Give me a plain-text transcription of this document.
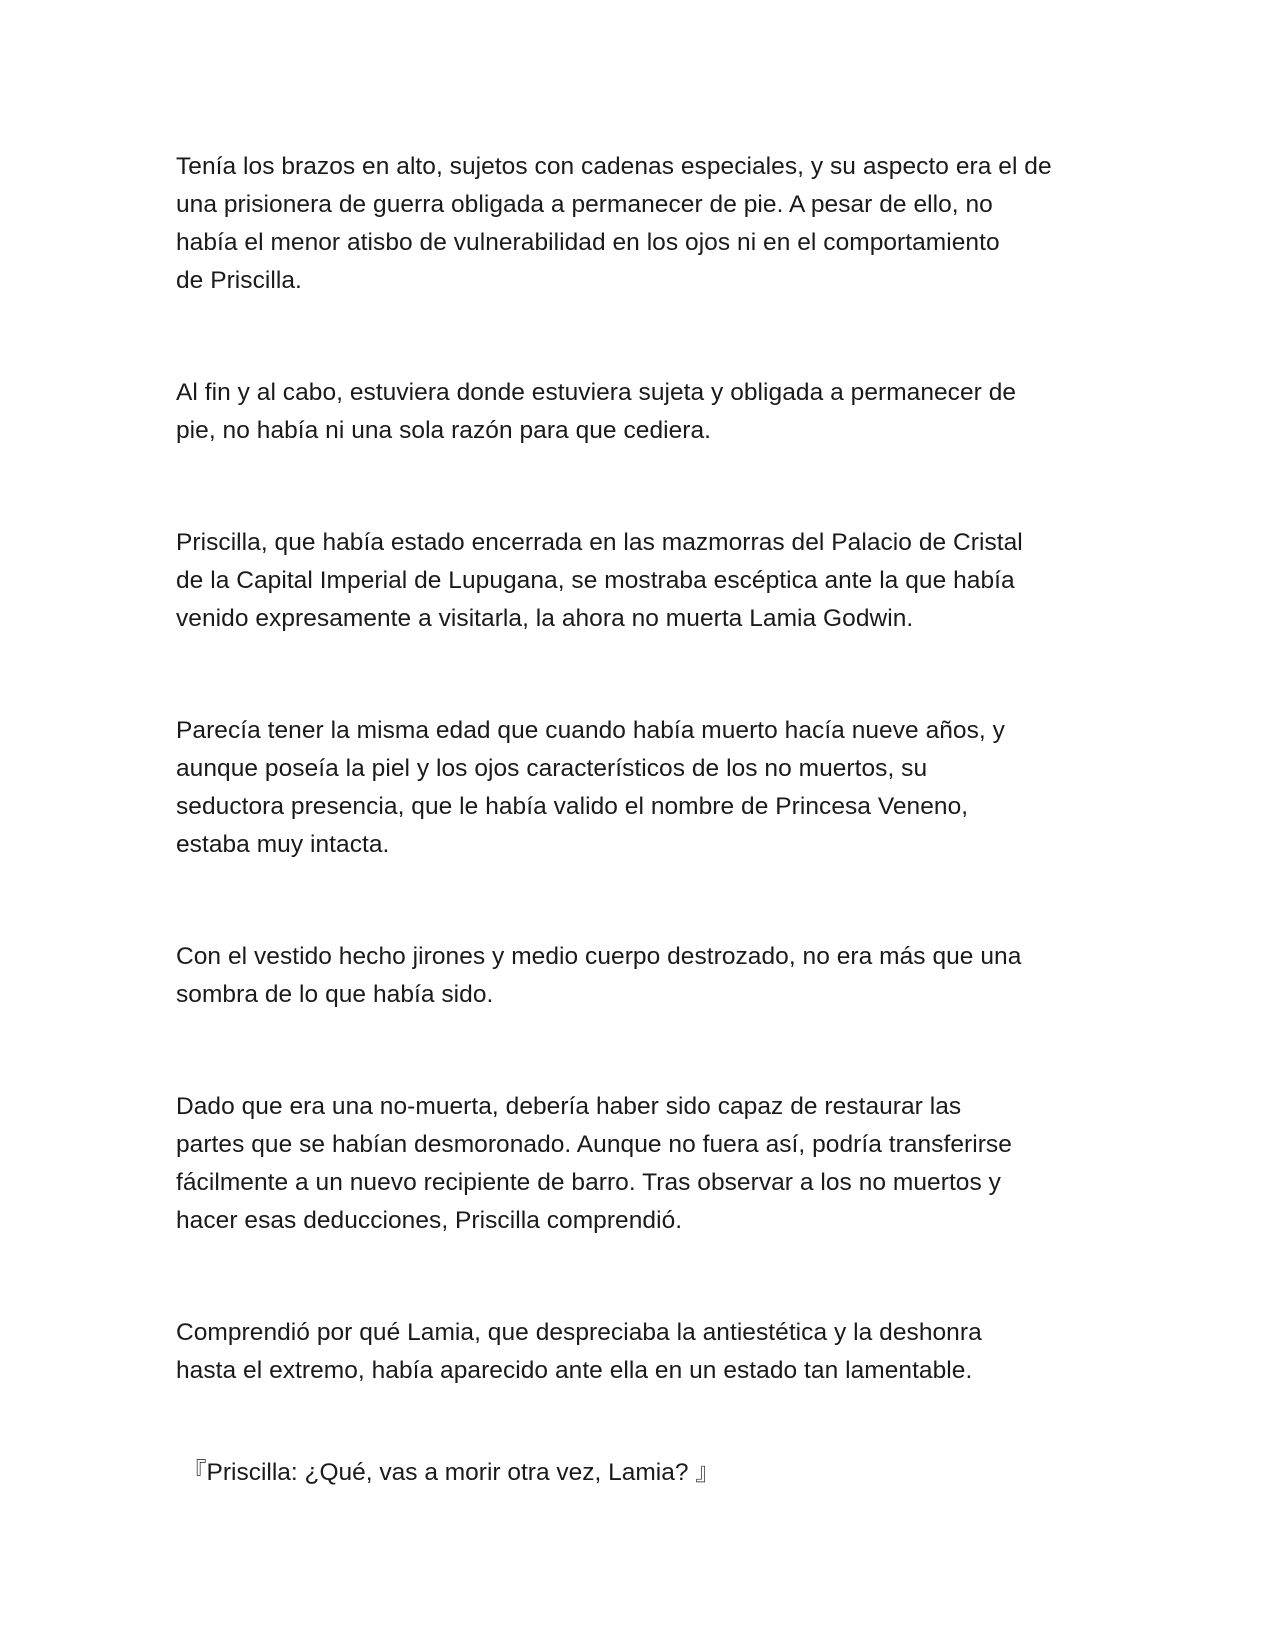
Tenía los brazos en alto, sujetos con cadenas especiales, y su aspecto era el de
una prisionera de guerra obligada a permanecer de pie. A pesar de ello, no
había el menor atisbo de vulnerabilidad en los ojos ni en el comportamiento
de Priscilla.

Al fin y al cabo, estuviera donde estuviera sujeta y obligada a permanecer de
pie, no había ni una sola razón para que cediera.

Priscilla, que había estado encerrada en las mazmorras del Palacio de Cristal
de la Capital Imperial de Lupugana, se mostraba escéptica ante la que había
venido expresamente a visitarla, la ahora no muerta Lamia Godwin.

Parecía tener la misma edad que cuando había muerto hacía nueve años, y
aunque poseía la piel y los ojos característicos de los no muertos, su
seductora presencia, que le había valido el nombre de Princesa Veneno,
estaba muy intacta.

Con el vestido hecho jirones y medio cuerpo destrozado, no era más que una
sombra de lo que había sido.

Dado que era una no-muerta, debería haber sido capaz de restaurar las
partes que se habían desmoronado. Aunque no fuera así, podría transferirse
fácilmente a un nuevo recipiente de barro. Tras observar a los no muertos y
hacer esas deducciones, Priscilla comprendió.

Comprendió por qué Lamia, que despreciaba la antiestética y la deshonra
hasta el extremo, había aparecido ante ella en un estado tan lamentable.

『Priscilla: ¿Qué, vas a morir otra vez, Lamia? 』
